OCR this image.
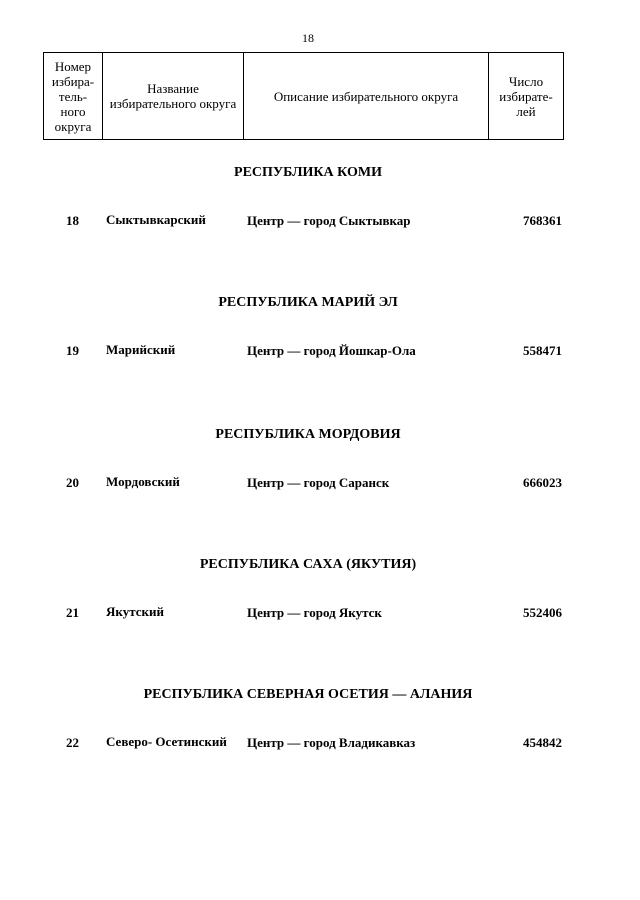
18
Номер избира- тель- ного округа	Название избирательного округа	Описание избирательного округа	Число избирате- лей
РЕСПУБЛИКА КОМИ
18 Сыктывкарский	Центр — город Сыктывкар	768361
РЕСПУБЛИКА МАРИЙ ЭЛ
19 Марийский	Центр — город Йошкар-Ола	558471
РЕСПУБЛИКА МОРДОВИЯ
20 Мордовский	Центр — город Саранск	666023
РЕСПУБЛИКА САХА (ЯКУТИЯ)
21 Якутский	Центр — город Якутск	552406
РЕСПУБЛИКА СЕВЕРНАЯ ОСЕТИЯ — АЛАНИЯ
22 Северо- Осетинский	Центр — город Владикавказ	454842
